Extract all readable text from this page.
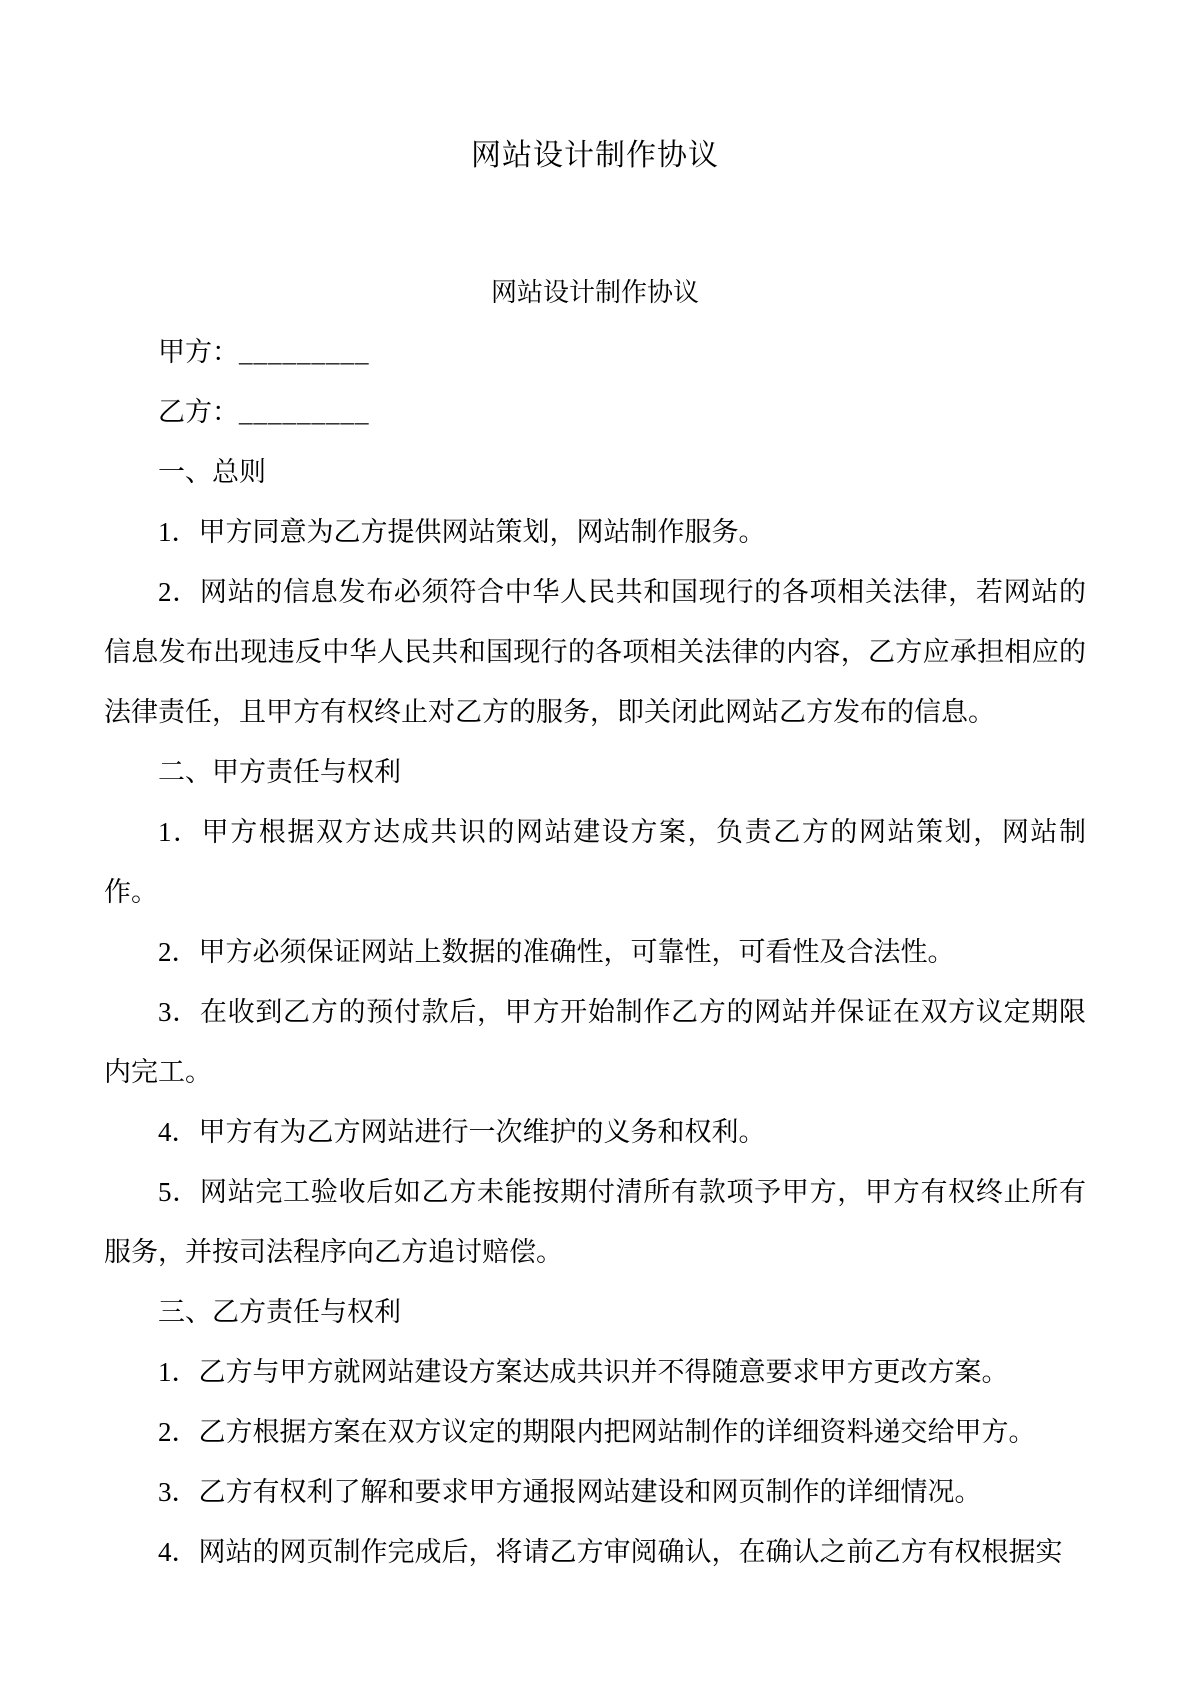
网站设计制作协议
网站设计制作协议

甲方：_________

乙方：_________

一、总则

1．甲方同意为乙方提供网站策划，网站制作服务。

2．网站的信息发布必须符合中华人民共和国现行的各项相关法律，若网站的信息发布出现违反中华人民共和国现行的各项相关法律的内容，乙方应承担相应的法律责任，且甲方有权终止对乙方的服务，即关闭此网站乙方发布的信息。

二、甲方责任与权利

1．甲方根据双方达成共识的网站建设方案，负责乙方的网站策划，网站制作。

2．甲方必须保证网站上数据的准确性，可靠性，可看性及合法性。

3．在收到乙方的预付款后，甲方开始制作乙方的网站并保证在双方议定期限内完工。

4．甲方有为乙方网站进行一次维护的义务和权利。

5．网站完工验收后如乙方未能按期付清所有款项予甲方，甲方有权终止所有服务，并按司法程序向乙方追讨赔偿。

三、乙方责任与权利

1．乙方与甲方就网站建设方案达成共识并不得随意要求甲方更改方案。

2．乙方根据方案在双方议定的期限内把网站制作的详细资料递交给甲方。

3．乙方有权利了解和要求甲方通报网站建设和网页制作的详细情况。

4．网站的网页制作完成后，将请乙方审阅确认，在确认之前乙方有权根据实
